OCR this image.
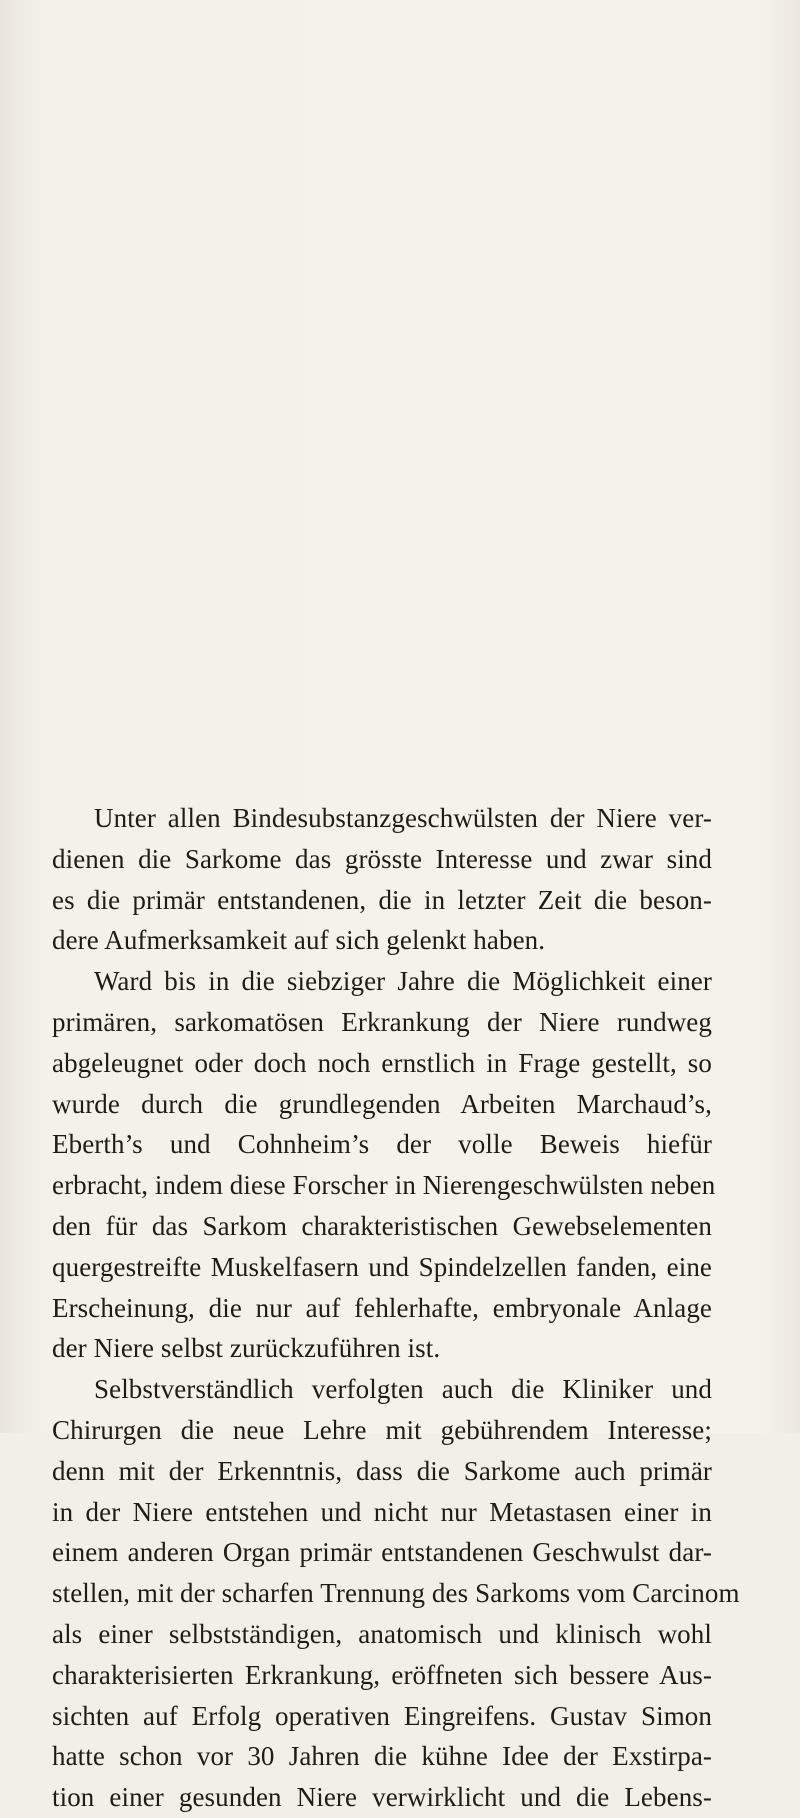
Unter allen Bindesubstanzgeschwülsten der Niere ver-
dienen die Sarkome das grösste Interesse und zwar sind
es die primär entstandenen, die in letzter Zeit die beson-
dere Aufmerksamkeit auf sich gelenkt haben.
Ward bis in die siebziger Jahre die Möglichkeit einer
primären, sarkomatösen Erkrankung der Niere rundweg
abgeleugnet oder doch noch ernstlich in Frage gestellt, so
wurde durch die grundlegenden Arbeiten Marchaud’s,
Eberth’s und Cohnheim’s der volle Beweis hiefür
erbracht, indem diese Forscher in Nierengeschwülsten neben
den für das Sarkom charakteristischen Gewebselementen
quergestreifte Muskelfasern und Spindelzellen fanden, eine
Erscheinung, die nur auf fehlerhafte, embryonale Anlage
der Niere selbst zurückzuführen ist.
Selbstverständlich verfolgten auch die Kliniker und
Chirurgen die neue Lehre mit gebührendem Interesse;
denn mit der Erkenntnis, dass die Sarkome auch primär
in der Niere entstehen und nicht nur Metastasen einer in
einem anderen Organ primär entstandenen Geschwulst dar-
stellen, mit der scharfen Trennung des Sarkoms vom Carcinom
als einer selbstständigen, anatomisch und klinisch wohl
charakterisierten Erkrankung, eröffneten sich bessere Aus-
sichten auf Erfolg operativen Eingreifens. Gustav Simon
hatte schon vor 30 Jahren die kühne Idee der Exstirpa-
tion einer gesunden Niere verwirklicht und die Lebens-
